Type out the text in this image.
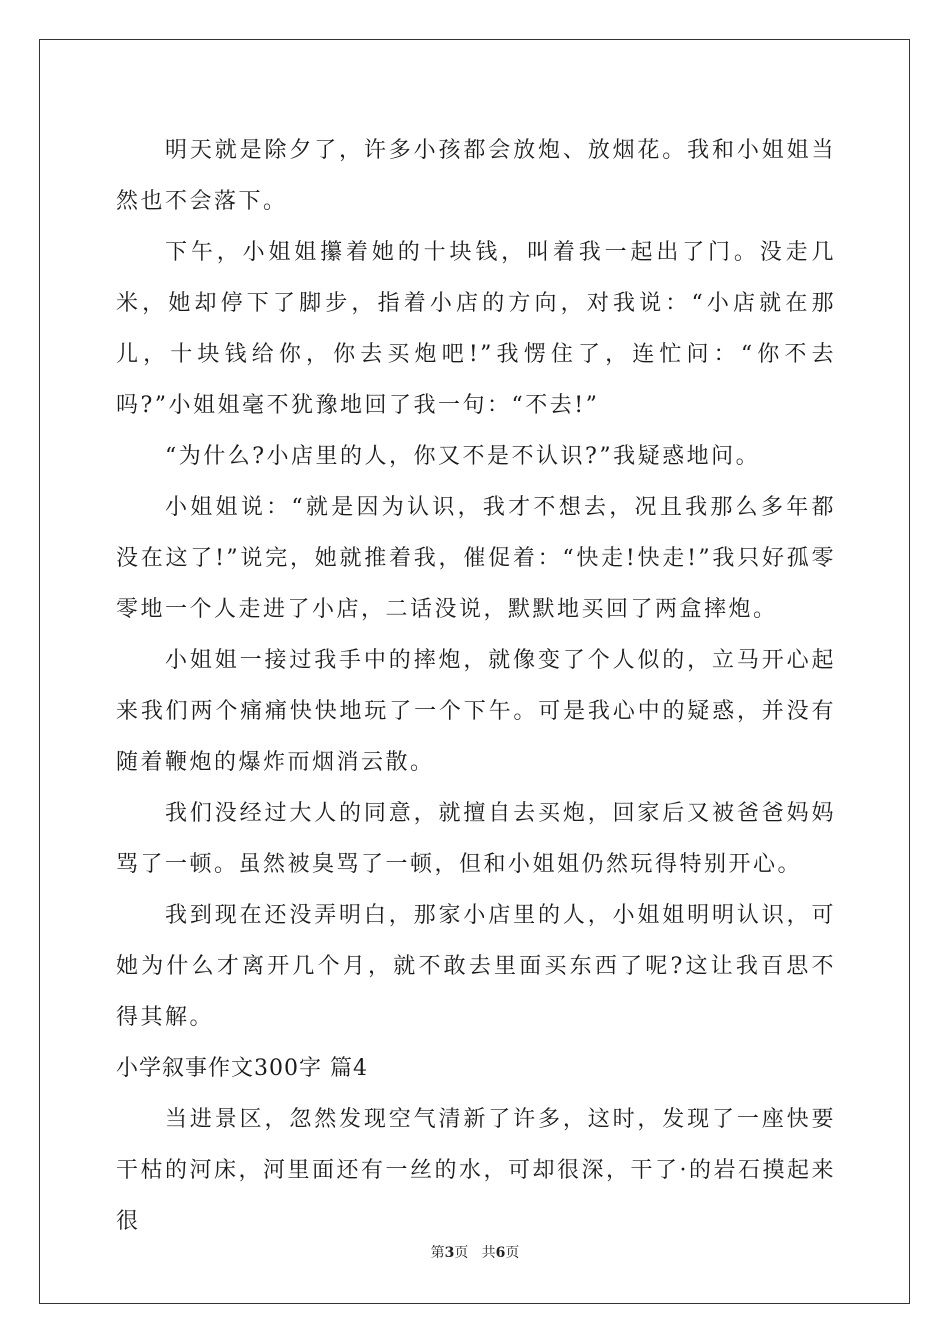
明天就是除夕了，许多小孩都会放炮、放烟花。我和小姐姐当然也不会落下。

下午，小姐姐攥着她的十块钱，叫着我一起出了门。没走几米，她却停下了脚步，指着小店的方向，对我说：“小店就在那儿，十块钱给你，你去买炮吧!”我愣住了，连忙问：“你不去吗?”小姐姐毫不犹豫地回了我一句：“不去!”

“为什么?小店里的人，你又不是不认识?”我疑惑地问。

小姐姐说：“就是因为认识，我才不想去，况且我那么多年都没在这了!”说完，她就推着我，催促着：“快走!快走!”我只好孤零零地一个人走进了小店，二话没说，默默地买回了两盒摔炮。

小姐姐一接过我手中的摔炮，就像变了个人似的，立马开心起来我们两个痛痛快快地玩了一个下午。可是我心中的疑惑，并没有随着鞭炮的爆炸而烟消云散。

我们没经过大人的同意，就擅自去买炮，回家后又被爸爸妈妈骂了一顿。虽然被臭骂了一顿，但和小姐姐仍然玩得特别开心。

我到现在还没弄明白，那家小店里的人，小姐姐明明认识，可她为什么才离开几个月，就不敢去里面买东西了呢?这让我百思不得其解。

小学叙事作文300字 篇4

当进景区，忽然发现空气清新了许多，这时，发现了一座快要干枯的河床，河里面还有一丝的水，可却很深，干了·的岩石摸起来很

第3页 共6页
